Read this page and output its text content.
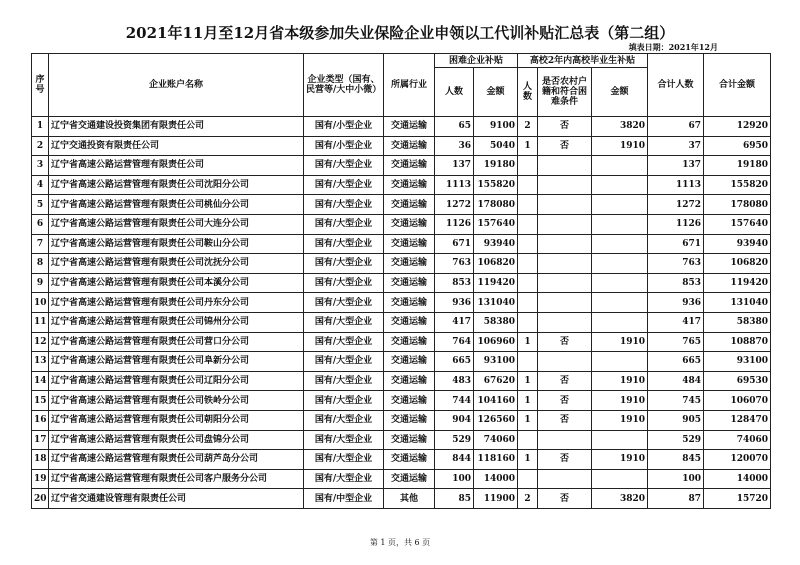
2021年11月至12月省本级参加失业保险企业申领以工代训补贴汇总表（第二组）
填表日期：2021年12月
序号	企业账户名称	企业类型（国有、民营等/大中小微）	所属行业	困难企业补贴		高校2年内高校毕业生补贴			合计人数	合计金额
				人数	金额	人数	是否农村户籍和符合困难条件	金额		
1	辽宁省交通建设投资集团有限责任公司	国有/小型企业	交通运输	65	9100	2	否	3820	67	12920
2	辽宁交通投资有限责任公司	国有/小型企业	交通运输	36	5040	1	否	1910	37	6950
3	辽宁省高速公路运营管理有限责任公司	国有/大型企业	交通运输	137	19180				137	19180
4	辽宁省高速公路运营管理有限责任公司沈阳分公司	国有/大型企业	交通运输	1113	155820				1113	155820
5	辽宁省高速公路运营管理有限责任公司桃仙分公司	国有/大型企业	交通运输	1272	178080				1272	178080
6	辽宁省高速公路运营管理有限责任公司大连分公司	国有/大型企业	交通运输	1126	157640				1126	157640
7	辽宁省高速公路运营管理有限责任公司鞍山分公司	国有/大型企业	交通运输	671	93940				671	93940
8	辽宁省高速公路运营管理有限责任公司沈抚分公司	国有/大型企业	交通运输	763	106820				763	106820
9	辽宁省高速公路运营管理有限责任公司本溪分公司	国有/大型企业	交通运输	853	119420				853	119420
10	辽宁省高速公路运营管理有限责任公司丹东分公司	国有/大型企业	交通运输	936	131040				936	131040
11	辽宁省高速公路运营管理有限责任公司锦州分公司	国有/大型企业	交通运输	417	58380				417	58380
12	辽宁省高速公路运营管理有限责任公司营口分公司	国有/大型企业	交通运输	764	106960	1	否	1910	765	108870
13	辽宁省高速公路运营管理有限责任公司阜新分公司	国有/大型企业	交通运输	665	93100				665	93100
14	辽宁省高速公路运营管理有限责任公司辽阳分公司	国有/大型企业	交通运输	483	67620	1	否	1910	484	69530
15	辽宁省高速公路运营管理有限责任公司铁岭分公司	国有/大型企业	交通运输	744	104160	1	否	1910	745	106070
16	辽宁省高速公路运营管理有限责任公司朝阳分公司	国有/大型企业	交通运输	904	126560	1	否	1910	905	128470
17	辽宁省高速公路运营管理有限责任公司盘锦分公司	国有/大型企业	交通运输	529	74060				529	74060
18	辽宁省高速公路运营管理有限责任公司葫芦岛分公司	国有/大型企业	交通运输	844	118160	1	否	1910	845	120070
19	辽宁省高速公路运营管理有限责任公司客户服务分公司	国有/大型企业	交通运输	100	14000				100	14000
20	辽宁省交通建设管理有限责任公司	国有/中型企业	其他	85	11900	2	否	3820	87	15720
第 1 页，共 6 页
